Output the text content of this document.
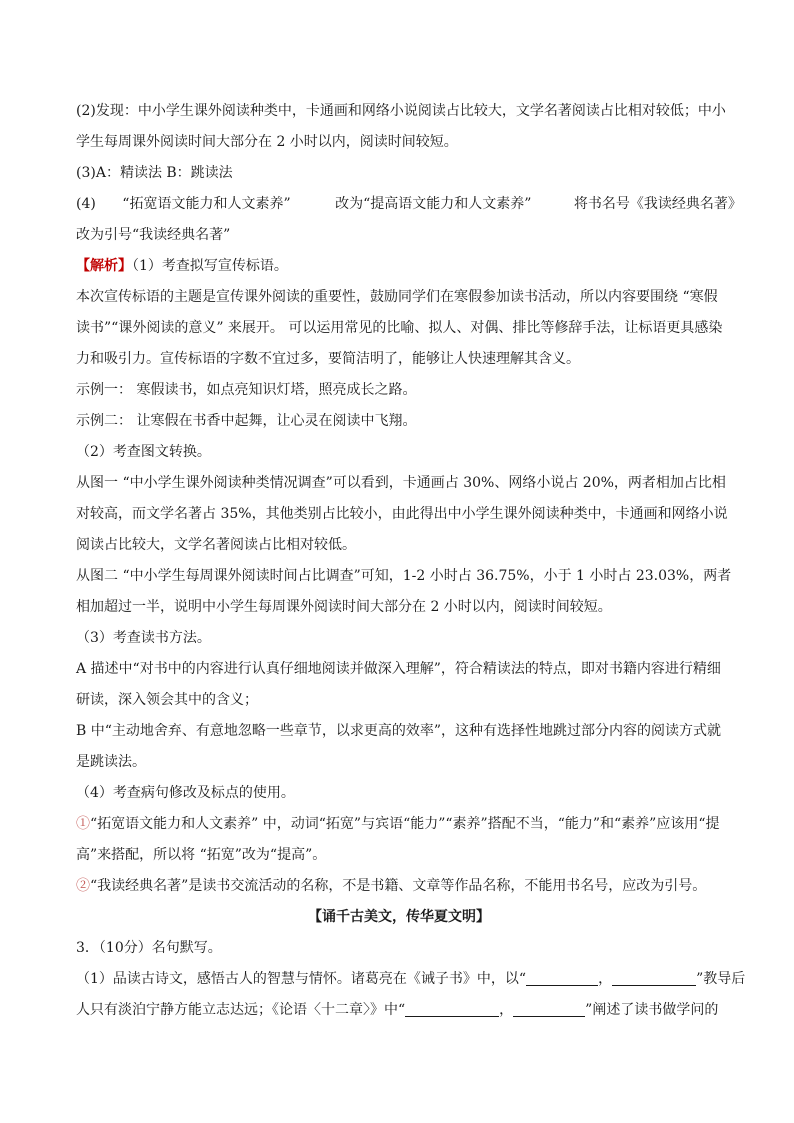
(2)发现：中小学生课外阅读种类中，卡通画和网络小说阅读占比较大，文学名著阅读占比相对较低；中小
学生每周课外阅读时间大部分在 2 小时以内，阅读时间较短。
(3)A：精读法 B：跳读法
(4) “拓宽语文能力和人文素养”	改为“提高语文能力和人文素养”	将书名号《我读经典名著》
改为引号“我读经典名著”
【解析】（1）考查拟写宣传标语。
本次宣传标语的主题是宣传课外阅读的重要性，鼓励同学们在寒假参加读书活动，所以内容要围绕 “寒假
读书”“课外阅读的意义” 来展开。 可以运用常见的比喻、拟人、对偶、排比等修辞手法，让标语更具感染
力和吸引力。宣传标语的字数不宜过多，要简洁明了，能够让人快速理解其含义。
示例一： 寒假读书，如点亮知识灯塔，照亮成长之路。
示例二： 让寒假在书香中起舞，让心灵在阅读中飞翔。
（2）考查图文转换。
从图一 “中小学生课外阅读种类情况调查”可以看到，卡通画占 30%、网络小说占 20%，两者相加占比相
对较高，而文学名著占 35%，其他类别占比较小，由此得出中小学生课外阅读种类中，卡通画和网络小说
阅读占比较大，文学名著阅读占比相对较低。
从图二 “中小学生每周课外阅读时间占比调查”可知，1-2 小时占 36.75%，小于 1 小时占 23.03%，两者
相加超过一半，说明中小学生每周课外阅读时间大部分在 2 小时以内，阅读时间较短。
（3）考查读书方法。
A 描述中“对书中的内容进行认真仔细地阅读并做深入理解”，符合精读法的特点，即对书籍内容进行精细
研读，深入领会其中的含义；
B 中“主动地舍弃、有意地忽略一些章节，以求更高的效率”，这种有选择性地跳过部分内容的阅读方式就
是跳读法。
（4）考查病句修改及标点的使用。
①“拓宽语文能力和人文素养” 中，动词“拓宽”与宾语“能力”“素养”搭配不当，“能力”和“素养”应该用“提
高”来搭配，所以将 “拓宽”改为“提高”。
②“我读经典名著”是读书交流活动的名称，不是书籍、文章等作品名称，不能用书名号，应改为引号。
【诵千古美文，传华夏文明】
3．（10分）名句默写。
（1）品读古诗文，感悟古人的智慧与情怀。诸葛亮在《诫子书》中，以“	，	”教导后
人只有淡泊宁静方能立志达远；《论语〈十二章〉》中“	，	”阐述了读书做学问的
